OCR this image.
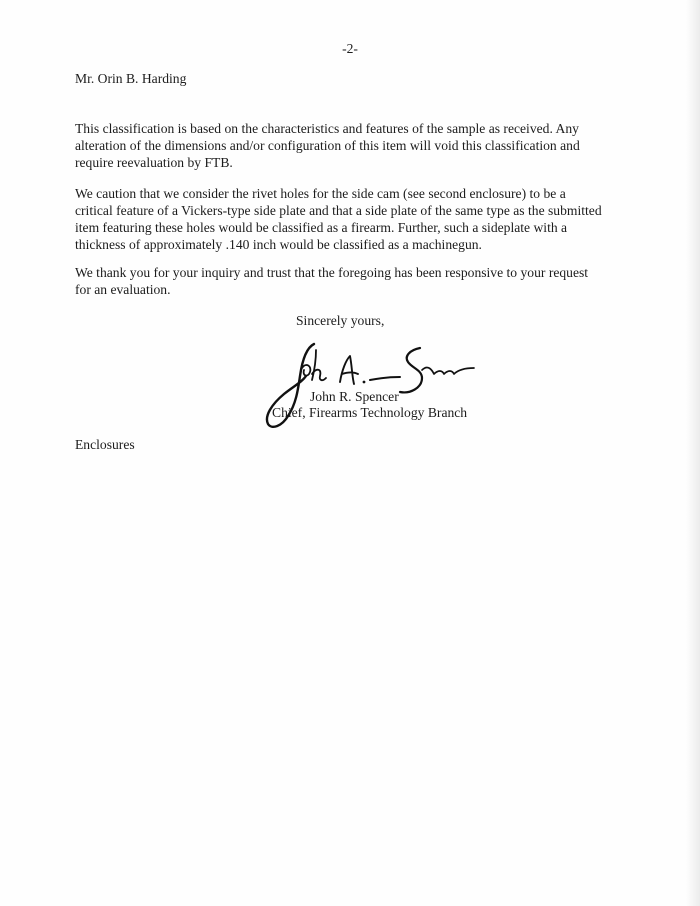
-2-
Mr. Orin B. Harding

This classification is based on the characteristics and features of the sample as received. Any
alteration of the dimensions and/or configuration of this item will void this classification and
require reevaluation by FTB.

We caution that we consider the rivet holes for the side cam (see second enclosure) to be a
critical feature of a Vickers-type side plate and that a side plate of the same type as the submitted
item featuring these holes would be classified as a firearm. Further, such a sideplate with a
thickness of approximately .140 inch would be classified as a machinegun.

We thank you for your inquiry and trust that the foregoing has been responsive to your request
for an evaluation.

Sincerely yours,
John R. Spencer
Chief, Firearms Technology Branch
Enclosures
